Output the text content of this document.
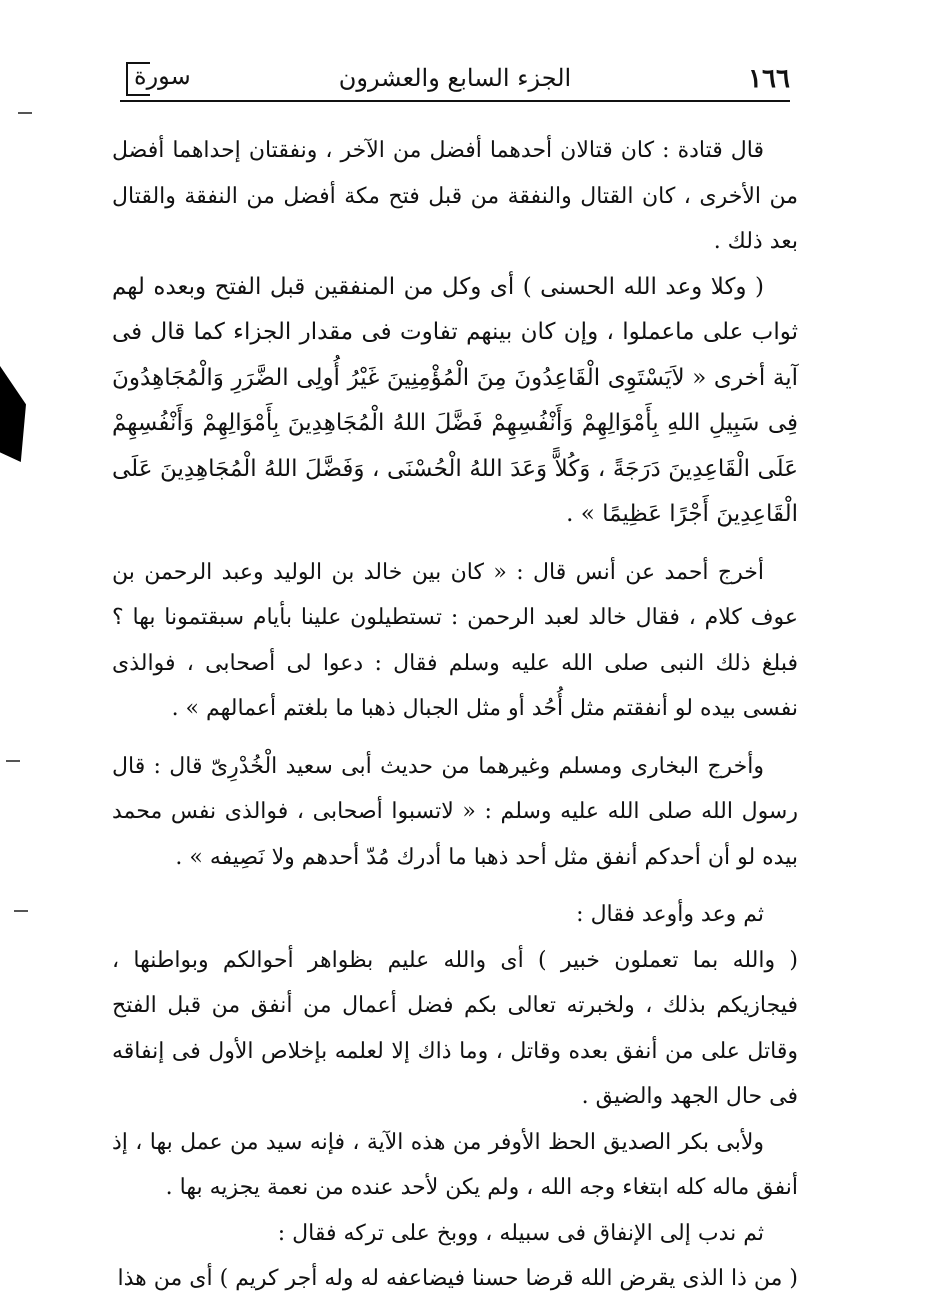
١٦٦
الجزء السابع والعشرون
سورة

قال قتادة : كان قتالان أحدهما أفضل من الآخر ، ونفقتان إحداهما أفضل من الأخرى ، كان القتال والنفقة من قبل فتح مكة أفضل من النفقة والقتال بعد ذلك .

( وكلا وعد الله الحسنى ) أى وكل من المنفقين قبل الفتح وبعده لهم ثواب على ماعملوا ، وإن كان بينهم تفاوت فى مقدار الجزاء كما قال فى آية أخرى « لاَيَسْتَوِى الْقَاعِدُونَ مِنَ الْمُؤْمِنِينَ غَيْرُ أُولِى الضَّرَرِ وَالْمُجَاهِدُونَ فِى سَبِيلِ اللهِ بِأَمْوَالِهِمْ وَأَنْفُسِهِمْ فَضَّلَ اللهُ الْمُجَاهِدِينَ بِأَمْوَالِهِمْ وَأَنْفُسِهِمْ عَلَى الْقَاعِدِينَ دَرَجَةً ، وَكُلاًّ وَعَدَ اللهُ الْحُسْنَى ، وَفَضَّلَ اللهُ الْمُجَاهِدِينَ عَلَى الْقَاعِدِينَ أَجْرًا عَظِيمًا » .

أخرج أحمد عن أنس قال : « كان بين خالد بن الوليد وعبد الرحمن بن عوف كلام ، فقال خالد لعبد الرحمن : تستطيلون علينا بأيام سبقتمونا بها ؟ فبلغ ذلك النبى صلى الله عليه وسلم فقال : دعوا لى أصحابى ، فوالذى نفسى بيده لو أنفقتم مثل أُحُد أو مثل الجبال ذهبا ما بلغتم أعمالهم » .

وأخرج البخارى ومسلم وغيرهما من حديث أبى سعيد الْخُدْرِىّ قال : قال رسول الله صلى الله عليه وسلم : « لاتسبوا أصحابى ، فوالذى نفس محمد بيده لو أن أحدكم أنفق مثل أحد ذهبا ما أدرك مُدّ أحدهم ولا نَصِيفه » .

ثم وعد وأوعد فقال :

( والله بما تعملون خبير ) أى والله عليم بظواهر أحوالكم وبواطنها ، فيجازيكم بذلك ، ولخبرته تعالى بكم فضل أعمال من أنفق من قبل الفتح وقاتل على من أنفق بعده وقاتل ، وما ذاك إلا لعلمه بإخلاص الأول فى إنفاقه فى حال الجهد والضيق .

ولأبى بكر الصديق الحظ الأوفر من هذه الآية ، فإنه سيد من عمل بها ، إذ أنفق ماله كله ابتغاء وجه الله ، ولم يكن لأحد عنده من نعمة يجزيه بها .

ثم ندب إلى الإنفاق فى سبيله ، ووبخ على تركه فقال :

( من ذا الذى يقرض الله قرضا حسنا فيضاعفه له وله أجر كريم ) أى من هذا
